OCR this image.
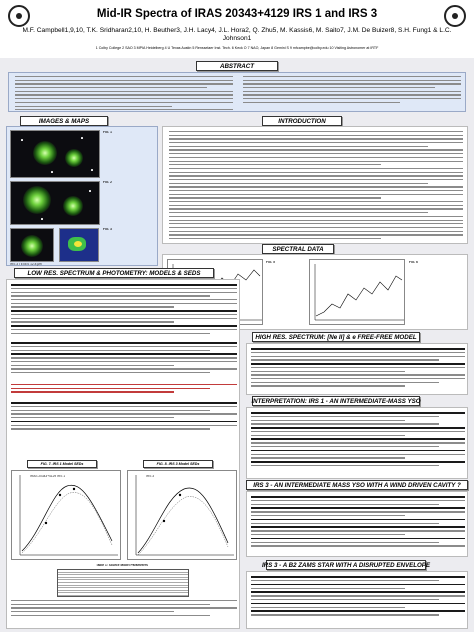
Mid-IR Spectra of IRAS 20343+4129 IRS 1 and IRS 3
M.F. Campbell1,9,10, T.K. Sridharan2,10, H. Beuther3, J.H. Lacy4, J.L. Hora2, Q. Zhu5, M. Kassis6, M. Saito7, J.M. De Buizer8, S.H. Fung1 & L.C. Johnson1
1 Colby College 2 SAO 3 MPIA Heidelberg 4 U Texas Austin 5 Rensselaer Inst. Tech. 6 Keck O 7 NAO, Japan 8 Gemini S 9 mfcampbe@colby.edu 10 Visiting Astronomer at IRTF
ABSTRACT
IMAGES & MAPS
FIG. 1
FIG. 2
IRS 3 TEXES 12.8 μm
FIG. 3
INTRODUCTION
SPECTRAL DATA
FIG. 5	FIG. 6
LOW RES. SPECTRUM & PHOTOMETRY: MODELS & SEDS
FIG. 7. IRS 1 Model SEDs
IRAS 20343+4129 IRS 1
FIG. 8. IRS 3 Model SEDs
IRS 3
Table 1: Source Model Parameters
HIGH RES. SPECTRUM: [Ne II] & e FREE-FREE MODEL
INTERPRETATION: IRS 1 - AN INTERMEDIATE-MASS YSO
IRS 3 - AN INTERMEDIATE MASS YSO WITH A WIND DRIVEN CAVITY ?
IRS 3 - A B2 ZAMS STAR WITH A DISRUPTED ENVELOPE
